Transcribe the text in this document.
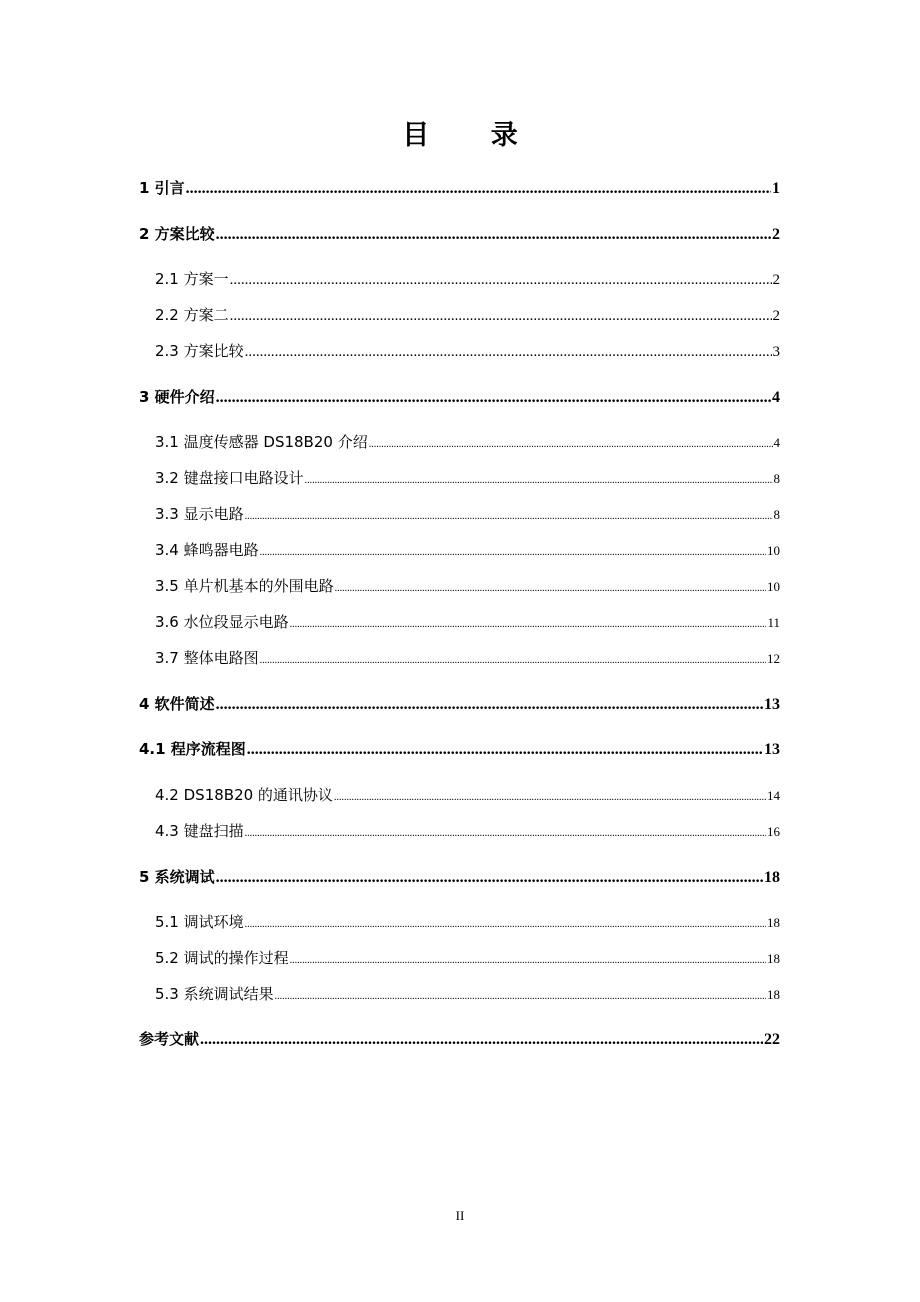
目 录
1 引言 .....	1
2 方案比较 .....	2
2.1 方案一 .....	2
2.2 方案二 .....	2
2.3 方案比较 .....	3
3 硬件介绍 .....	4
3.1 温度传感器 DS18B20 介绍 .....	4
3.2 键盘接口电路设计 .....	8
3.3 显示电路 .....	8
3.4 蜂鸣器电路 .....	10
3.5 单片机基本的外围电路 .....	10
3.6 水位段显示电路 .....	11
3.7 整体电路图 .....	12
4 软件简述 .....	13
4.1 程序流程图 .....	13
4.2 DS18B20 的通讯协议 .....	14
4.3 键盘扫描 .....	16
5 系统调试 .....	18
5.1 调试环境 .....	18
5.2 调试的操作过程 .....	18
5.3 系统调试结果 .....	18
参考文献 .....	22
II
